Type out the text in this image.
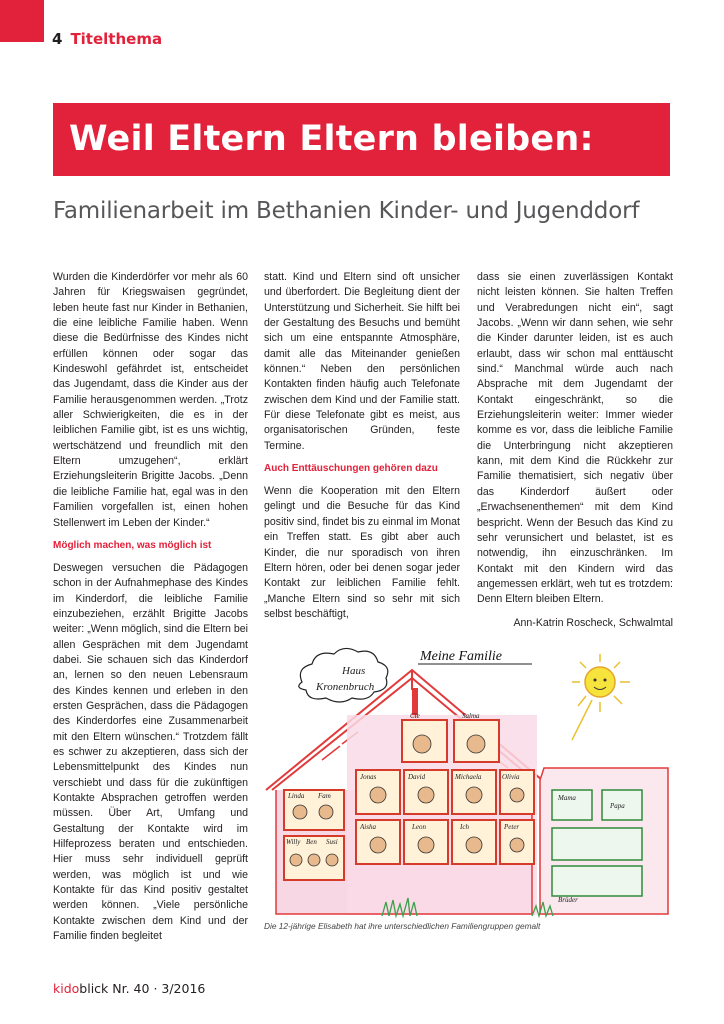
4 Titelthema
Weil Eltern Eltern bleiben:
Familienarbeit im Bethanien Kinder- und Jugenddorf

Wurden die Kinderdörfer vor mehr als 60 Jahren für Kriegswaisen gegründet, leben heute fast nur Kinder in Bethanien, die eine leibliche Familie haben. Wenn diese die Bedürfnisse des Kindes nicht erfüllen können oder sogar das Kindeswohl gefährdet ist, entscheidet das Jugendamt, dass die Kinder aus der Familie herausgenommen werden. „Trotz aller Schwierigkeiten, die es in der leiblichen Familie gibt, ist es uns wichtig, wertschätzend und freundlich mit den Eltern umzugehen“, erklärt Erziehungsleiterin Brigitte Jacobs. „Denn die leibliche Familie hat, egal was in den Familien vorgefallen ist, einen hohen Stellenwert im Leben der Kinder.“

Möglich machen, was möglich ist

Deswegen versuchen die Pädagogen schon in der Aufnahmephase des Kindes im Kinderdorf, die leibliche Familie einzubeziehen, erzählt Brigitte Jacobs weiter: „Wenn möglich, sind die Eltern bei allen Gesprächen mit dem Jugendamt dabei. Sie schauen sich das Kinderdorf an, lernen so den neuen Lebensraum des Kindes kennen und erleben in den ersten Gesprächen, dass die Pädagogen des Kinderdorfes eine Zusammenarbeit mit den Eltern wünschen.“ Trotzdem fällt es schwer zu akzeptieren, dass sich der Lebensmittelpunkt des Kindes nun verschiebt und dass für die zukünftigen Kontakte Absprachen getroffen werden müssen. Über Art, Umfang und Gestaltung der Kontakte wird im Hilfeprozess beraten und entschieden. Hier muss sehr individuell geprüft werden, was möglich ist und wie Kontakte für das Kind positiv gestaltet werden können. „Viele persönliche Kontakte zwischen dem Kind und der Familie finden begleitet

statt. Kind und Eltern sind oft unsicher und überfordert. Die Begleitung dient der Unterstützung und Sicherheit. Sie hilft bei der Gestaltung des Besuchs und bemüht sich um eine entspannte Atmosphäre, damit alle das Miteinander genießen können.“ Neben den persönlichen Kontakten finden häufig auch Telefonate zwischen dem Kind und der Familie statt. Für diese Telefonate gibt es meist, aus organisatorischen Gründen, feste Termine.

Auch Enttäuschungen gehören dazu

Wenn die Kooperation mit den Eltern gelingt und die Besuche für das Kind positiv sind, findet bis zu einmal im Monat ein Treffen statt. Es gibt aber auch Kinder, die nur sporadisch von ihren Eltern hören, oder bei denen sogar jeder Kontakt zur leiblichen Familie fehlt. „Manche Eltern sind so sehr mit sich selbst beschäftigt,

dass sie einen zuverlässigen Kontakt nicht leisten können. Sie halten Treffen und Verabredungen nicht ein“, sagt Jacobs. „Wenn wir dann sehen, wie sehr die Kinder darunter leiden, ist es auch erlaubt, dass wir schon mal enttäuscht sind.“ Manchmal würde auch nach Absprache mit dem Jugendamt der Kontakt eingeschränkt, so die Erziehungsleiterin weiter: Immer wieder komme es vor, dass die leibliche Familie die Unterbringung nicht akzeptieren kann, mit dem Kind die Rückkehr zur Familie thematisiert, sich negativ über das Kinderdorf äußert oder „Erwachsenenthemen“ mit dem Kind bespricht. Wenn der Besuch das Kind zu sehr verunsichert und belastet, ist es notwendig, ihn einzuschränken. Im Kontakt mit den Kindern wird das angemessen erklärt, weh tut es trotzdem: Denn Eltern bleiben Eltern.

Ann-Katrin Roscheck, Schwalmtal

Haus
Kronenbruch
Meine Familie
Cle	Salma
Jonas	David	Michaela	Olivia
Aisha	Leon	Ich	Peter
Linda Fam
Willy Ben Susi
Mama
Papa
Brüder
Die 12-jährige Elisabeth hat ihre unterschiedlichen Familiengruppen gemalt
kidoblick Nr. 40 · 3/2016
